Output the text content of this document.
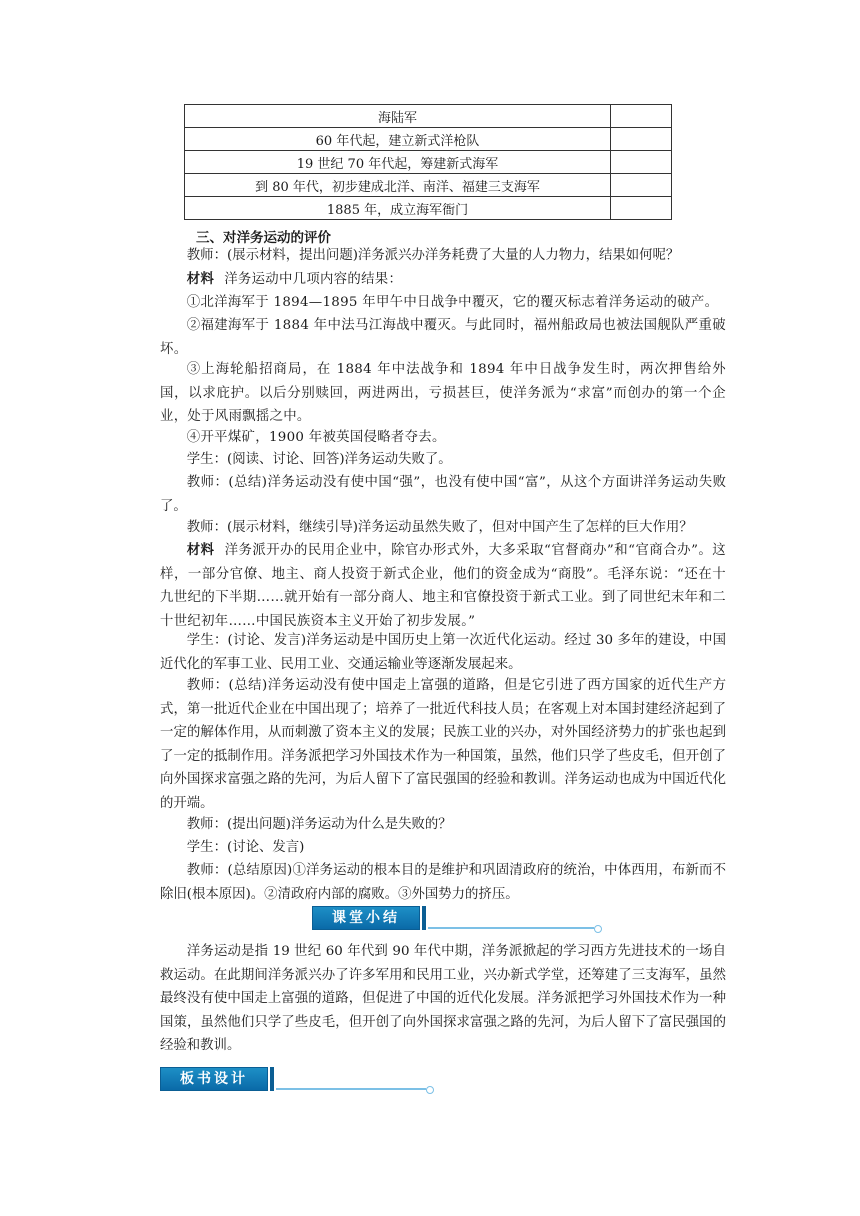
海陆军	
60 年代起，建立新式洋枪队	
19 世纪 70 年代起，筹建新式海军	
到 80 年代，初步建成北洋、南洋、福建三支海军	
1885 年，成立海军衙门	
三、对洋务运动的评价

教师：(展示材料，提出问题)洋务派兴办洋务耗费了大量的人力物力，结果如何呢？

材料 洋务运动中几项内容的结果：

①北洋海军于 1894—1895 年甲午中日战争中覆灭，它的覆灭标志着洋务运动的破产。

②福建海军于 1884 年中法马江海战中覆灭。与此同时，福州船政局也被法国舰队严重破坏。

③上海轮船招商局，在 1884 年中法战争和 1894 年中日战争发生时，两次押售给外国，以求庇护。以后分别赎回，两进两出，亏损甚巨，使洋务派为“求富”而创办的第一个企业，处于风雨飘摇之中。

④开平煤矿，1900 年被英国侵略者夺去。

学生：(阅读、讨论、回答)洋务运动失败了。

教师：(总结)洋务运动没有使中国“强”，也没有使中国“富”，从这个方面讲洋务运动失败了。

教师：(展示材料，继续引导)洋务运动虽然失败了，但对中国产生了怎样的巨大作用？

材料 洋务派开办的民用企业中，除官办形式外，大多采取“官督商办”和“官商合办”。这样，一部分官僚、地主、商人投资于新式企业，他们的资金成为“商股”。毛泽东说：“还在十九世纪的下半期……就开始有一部分商人、地主和官僚投资于新式工业。到了同世纪末年和二十世纪初年……中国民族资本主义开始了初步发展。”

学生：(讨论、发言)洋务运动是中国历史上第一次近代化运动。经过 30 多年的建设，中国近代化的军事工业、民用工业、交通运输业等逐渐发展起来。

教师：(总结)洋务运动没有使中国走上富强的道路，但是它引进了西方国家的近代生产方式，第一批近代企业在中国出现了；培养了一批近代科技人员；在客观上对本国封建经济起到了一定的解体作用，从而刺激了资本主义的发展；民族工业的兴办，对外国经济势力的扩张也起到了一定的抵制作用。洋务派把学习外国技术作为一种国策，虽然，他们只学了些皮毛，但开创了向外国探求富强之路的先河，为后人留下了富民强国的经验和教训。洋务运动也成为中国近代化的开端。

教师：(提出问题)洋务运动为什么是失败的？

学生：(讨论、发言)

教师：(总结原因)①洋务运动的根本目的是维护和巩固清政府的统治，中体西用，布新而不除旧(根本原因)。②清政府内部的腐败。③外国势力的挤压。

课堂小结

洋务运动是指 19 世纪 60 年代到 90 年代中期，洋务派掀起的学习西方先进技术的一场自救运动。在此期间洋务派兴办了许多军用和民用工业，兴办新式学堂，还筹建了三支海军，虽然最终没有使中国走上富强的道路，但促进了中国的近代化发展。洋务派把学习外国技术作为一种国策，虽然他们只学了些皮毛，但开创了向外国探求富强之路的先河，为后人留下了富民强国的经验和教训。

板书设计
